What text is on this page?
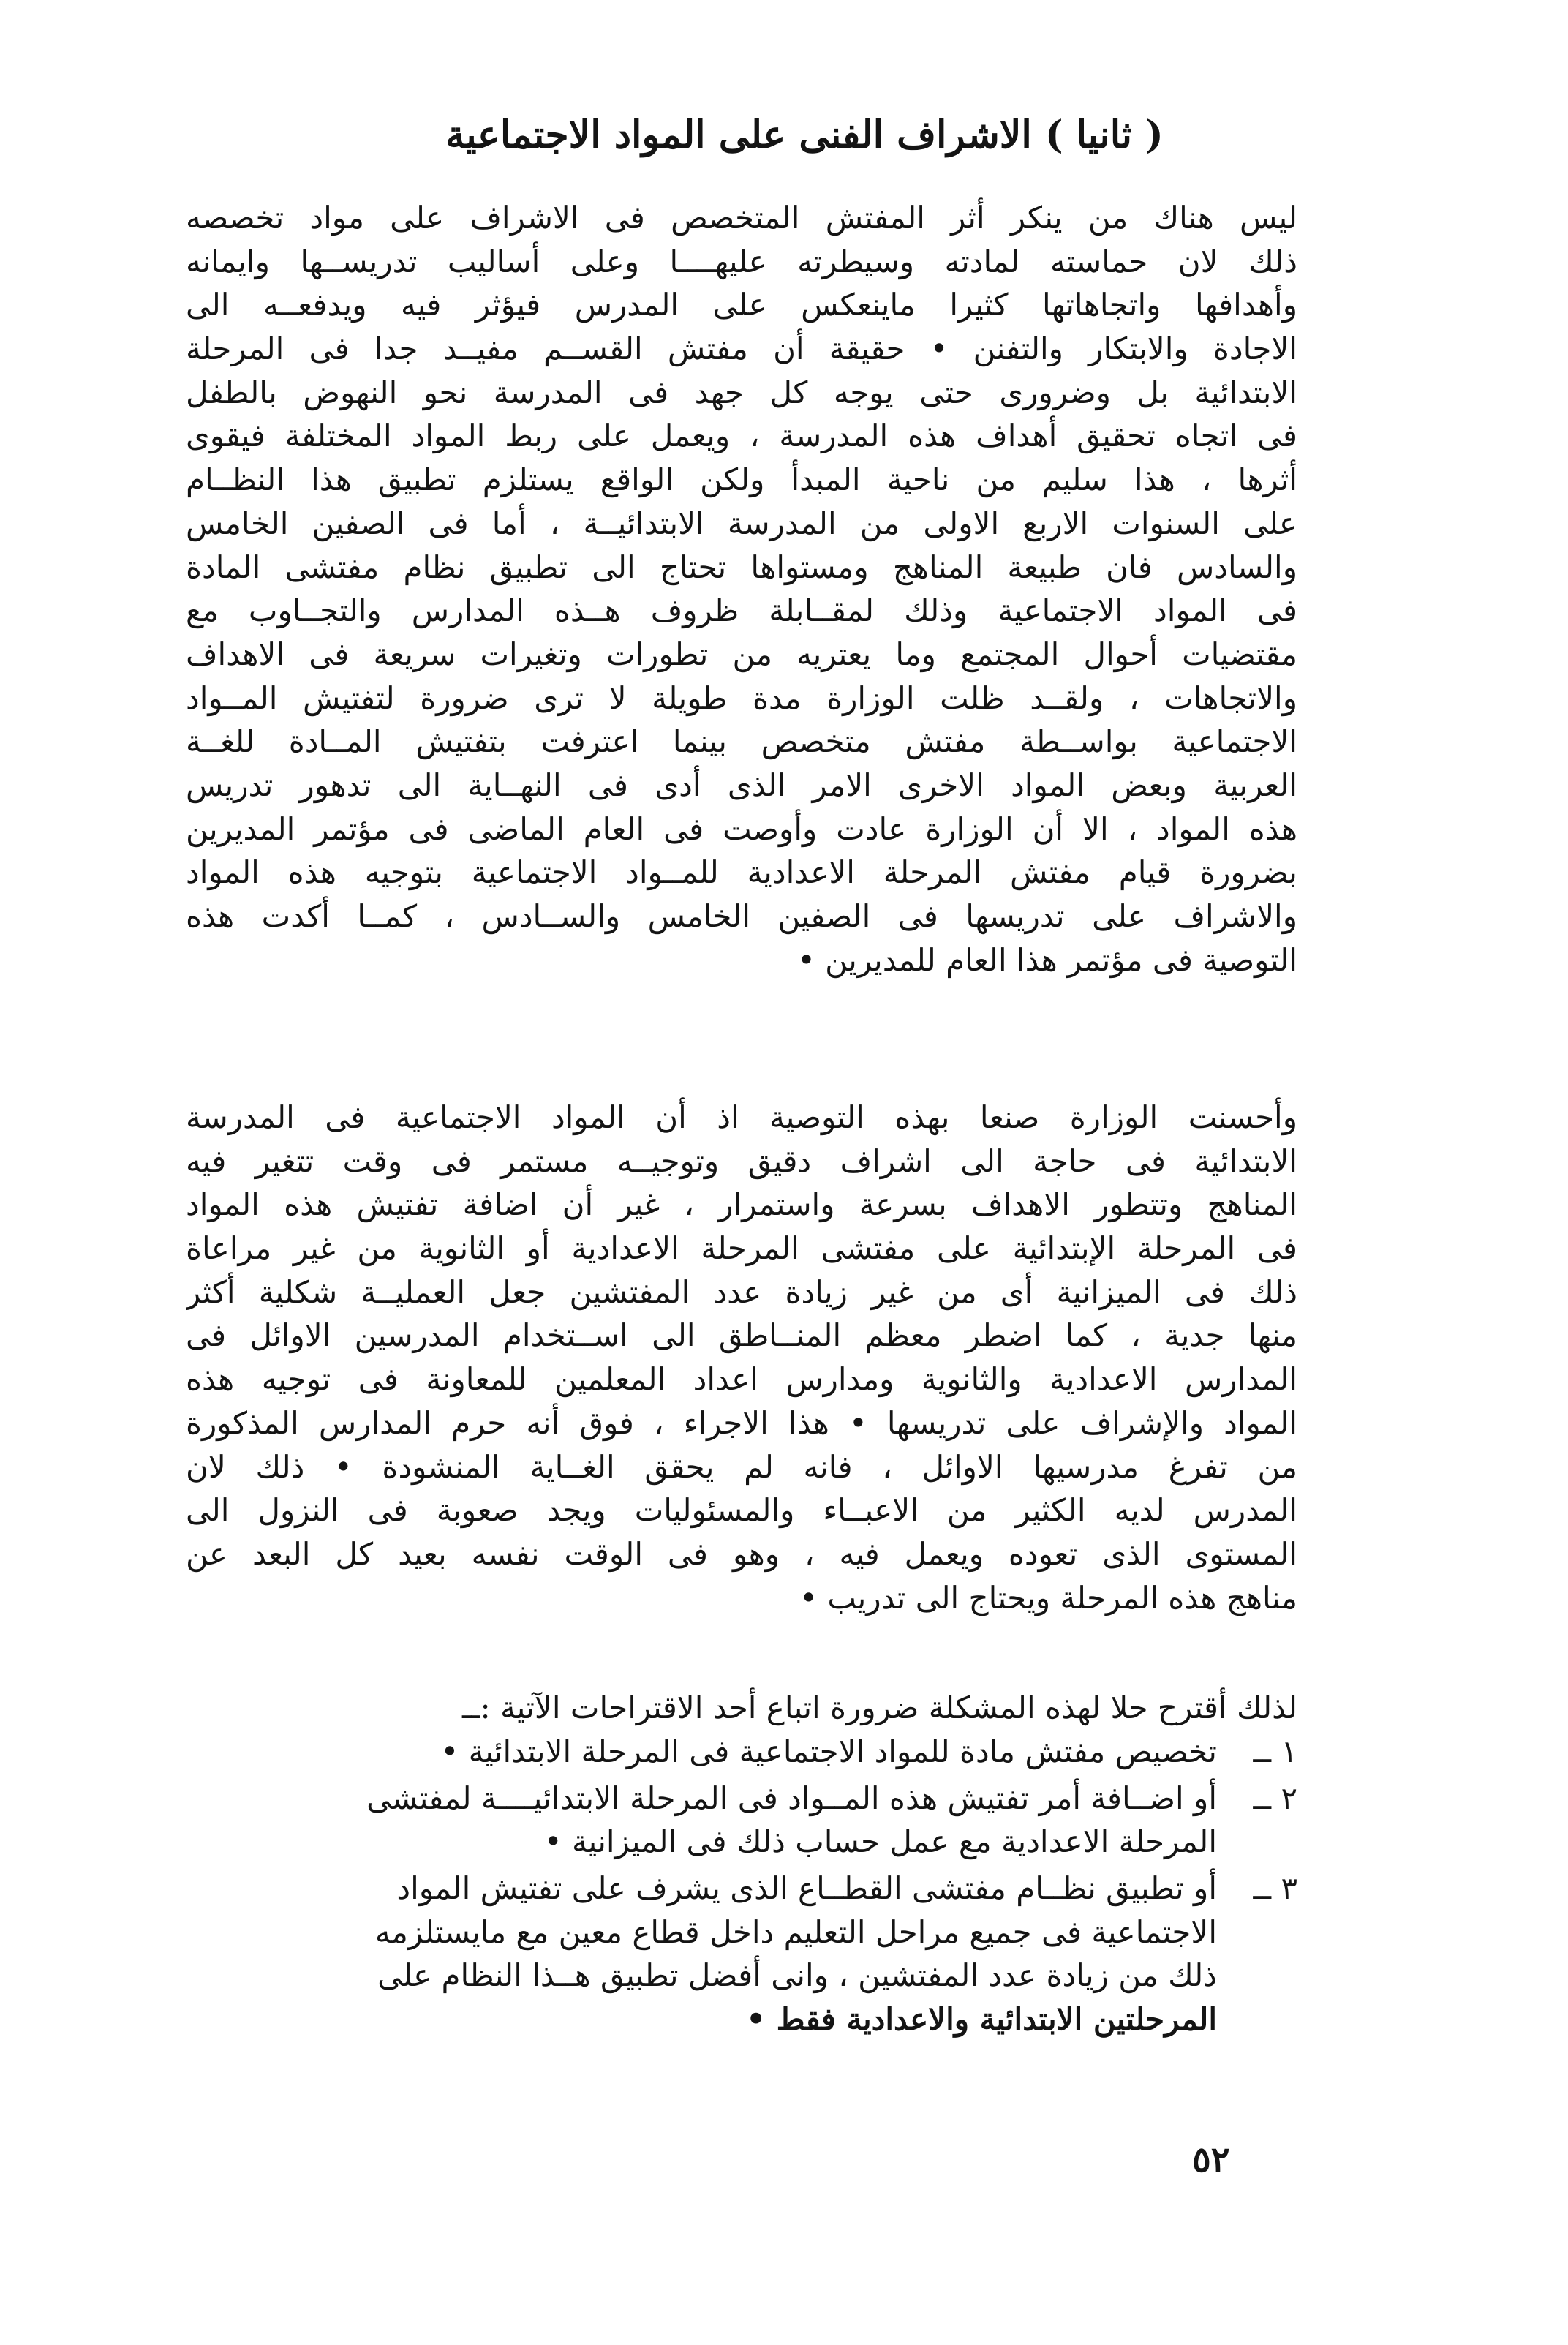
( ثانيا ) الاشراف الفنى على المواد الاجتماعية
ليس هناك من ينكر أثر المفتش المتخصص فى الاشراف على مواد تخصصه
ذلك لان حماسته لمادته وسيطرته عليهــــا وعلى أساليب تدريســها وايمانه
وأهدافها واتجاهاتها كثيرا ماينعكس على المدرس فيؤثر فيه ويدفعــه الى
الاجادة والابتكار والتفنن • حقيقة أن مفتش القســم مفيــد جدا فى المرحلة
الابتدائية بل وضرورى حتى يوجه كل جهد فى المدرسة نحو النهوض بالطفل
فى اتجاه تحقيق أهداف هذه المدرسة ، ويعمل على ربط المواد المختلفة فيقوى
أثرها ، هذا سليم من ناحية المبدأ ولكن الواقع يستلزم تطبيق هذا النظــام
على السنوات الاربع الاولى من المدرسة الابتدائيــة ، أما فى الصفين الخامس
والسادس فان طبيعة المناهج ومستواها تحتاج الى تطبيق نظام مفتشى المادة
فى المواد الاجتماعية وذلك لمقــابلة ظروف هــذه المدارس والتجــاوب مع
مقتضيات أحوال المجتمع وما يعتريه من تطورات وتغيرات سريعة فى الاهداف
والاتجاهات ، ولقــد ظلت الوزارة مدة طويلة لا ترى ضرورة لتفتيش المــواد
الاجتماعية بواســطة مفتش متخصص بينما اعترفت بتفتيش المــادة للغــة
العربية وبعض المواد الاخرى الامر الذى أدى فى النهــاية الى تدهور تدريس
هذه المواد ، الا أن الوزارة عادت وأوصت فى العام الماضى فى مؤتمر المديرين
بضرورة قيام مفتش المرحلة الاعدادية للمــواد الاجتماعية بتوجيه هذه المواد
والاشراف على تدريسها فى الصفين الخامس والســادس ، كمــا أكدت هذه
التوصية فى مؤتمر هذا العام للمديرين •
وأحسنت الوزارة صنعا بهذه التوصية اذ أن المواد الاجتماعية فى المدرسة
الابتدائية فى حاجة الى اشراف دقيق وتوجيــه مستمر فى وقت تتغير فيه
المناهج وتتطور الاهداف بسرعة واستمرار ، غير أن اضافة تفتيش هذه المواد
فى المرحلة الإبتدائية على مفتشى المرحلة الاعدادية أو الثانوية من غير مراعاة
ذلك فى الميزانية أى من غير زيادة عدد المفتشين جعل العمليــة شكلية أكثر
منها جدية ، كما اضطر معظم المنــاطق الى اســتخدام المدرسين الاوائل فى
المدارس الاعدادية والثانوية ومدارس اعداد المعلمين للمعاونة فى توجيه هذه
المواد والإشراف على تدريسها • هذا الاجراء ، فوق أنه حرم المدارس المذكورة
من تفرغ مدرسيها الاوائل ، فانه لم يحقق الغــاية المنشودة • ذلك لان
المدرس لديه الكثير من الاعبــاء والمسئوليات ويجد صعوبة فى النزول الى
المستوى الذى تعوده ويعمل فيه ، وهو فى الوقت نفسه بعيد كل البعد عن
مناهج هذه المرحلة ويحتاج الى تدريب •
لذلك أقترح حلا لهذه المشكلة ضرورة اتباع أحد الاقتراحات الآتية :ــ
١ ــتخصيص مفتش مادة للمواد الاجتماعية فى المرحلة الابتدائية •
٢ ــأو اضــافة أمر تفتيش هذه المــواد فى المرحلة الابتدائيــــة لمفتشى
المرحلة الاعدادية مع عمل حساب ذلك فى الميزانية •
٣ ــأو تطبيق نظــام مفتشى القطــاع الذى يشرف على تفتيش المواد
الاجتماعية فى جميع مراحل التعليم داخل قطاع معين مع مايستلزمه
ذلك من زيادة عدد المفتشين ، وانى أفضل تطبيق هــذا النظام على
المرحلتين الابتدائية والاعدادية فقط •
٥٢
